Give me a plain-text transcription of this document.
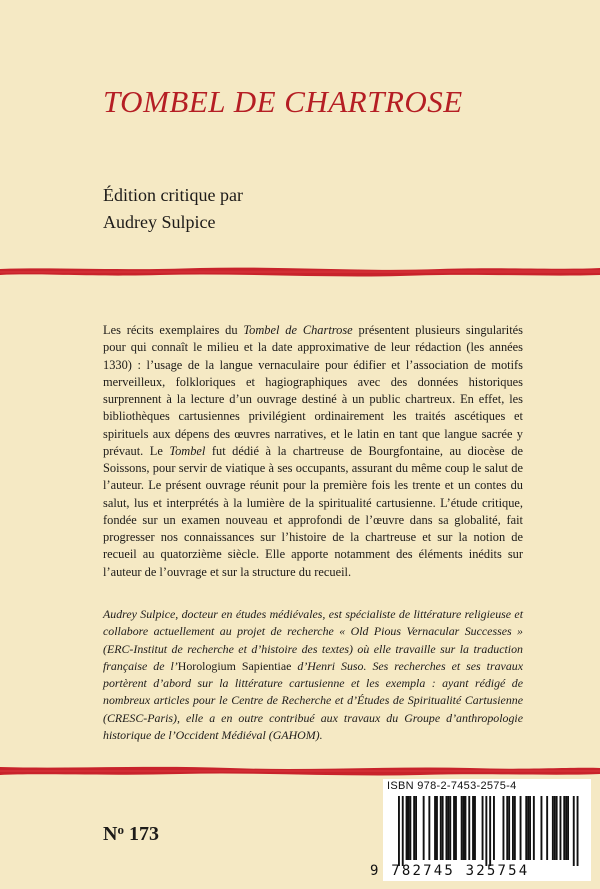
TOMBEL DE CHARTROSE
Édition critique par
Audrey Sulpice

Les récits exemplaires du Tombel de Chartrose présentent plusieurs singularités pour qui connaît le milieu et la date approximative de leur rédaction (les années 1330) : l’usage de la langue vernaculaire pour édifier et l’association de motifs merveilleux, folkloriques et hagiographiques avec des données historiques surprennent à la lecture d’un ouvrage destiné à un public chartreux. En effet, les bibliothèques cartusiennes privilégient ordinairement les traités ascétiques et spirituels aux dépens des œuvres narratives, et le latin en tant que langue sacrée y prévaut. Le Tombel fut dédié à la chartreuse de Bourgfontaine, au diocèse de Soissons, pour servir de viatique à ses occupants, assurant du même coup le salut de l’auteur. Le présent ouvrage réunit pour la première fois les trente et un contes du salut, lus et interprétés à la lumière de la spiritualité cartusienne. L’étude critique, fondée sur un examen nouveau et approfondi de l’œuvre dans sa globalité, fait progresser nos connaissances sur l’histoire de la chartreuse et sur la notion de recueil au quatorzième siècle. Elle apporte notamment des éléments inédits sur l’auteur de l’ouvrage et sur la structure du recueil.

Audrey Sulpice, docteur en études médiévales, est spécialiste de littérature religieuse et collabore actuellement au projet de recherche « Old Pious Vernacular Successes » (ERC-Institut de recherche et d’histoire des textes) où elle travaille sur la traduction française de l’Horologium Sapientiae d’Henri Suso. Ses recherches et ses travaux portèrent d’abord sur la littérature cartusienne et les exempla : ayant rédigé de nombreux articles pour le Centre de Recherche et d’Études de Spiritualité Cartusienne (CRESC-Paris), elle a en outre contribué aux travaux du Groupe d’anthropologie historique de l’Occident Médiéval (GAHOM).

$N^o$ 173
ISBN 978-2-7453-2575-4
9 782745 325754
